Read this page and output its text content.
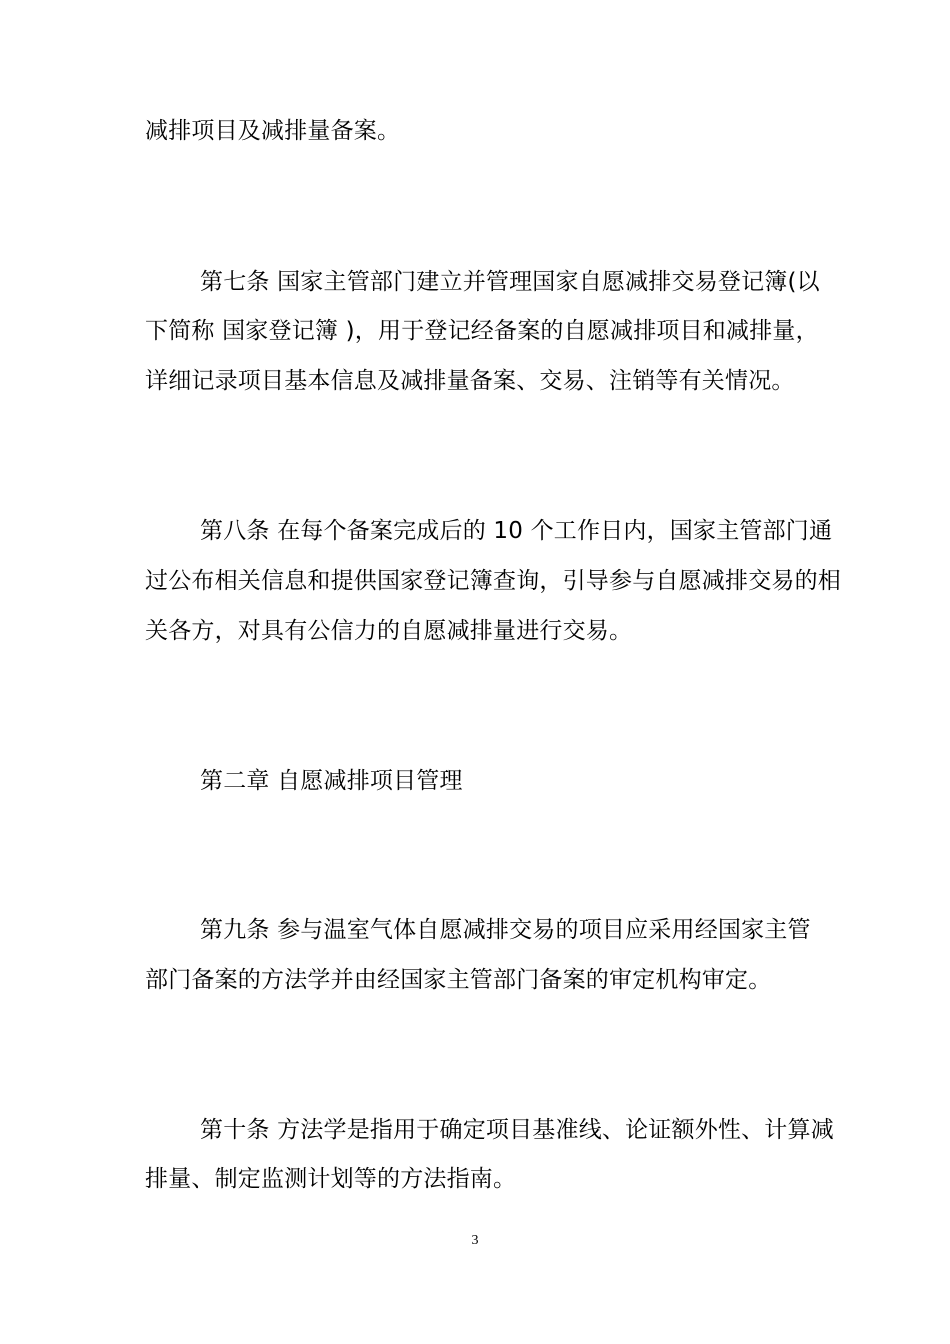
减排项目及减排量备案。
第七条 国家主管部门建立并管理国家自愿减排交易登记簿(以
下简称 国家登记簿 )，用于登记经备案的自愿减排项目和减排量，
详细记录项目基本信息及减排量备案、交易、注销等有关情况。
第八条 在每个备案完成后的 10 个工作日内，国家主管部门通
过公布相关信息和提供国家登记簿查询，引导参与自愿减排交易的相
关各方，对具有公信力的自愿减排量进行交易。
第二章 自愿减排项目管理
第九条 参与温室气体自愿减排交易的项目应采用经国家主管
部门备案的方法学并由经国家主管部门备案的审定机构审定。
第十条 方法学是指用于确定项目基准线、论证额外性、计算减
排量、制定监测计划等的方法指南。
3
